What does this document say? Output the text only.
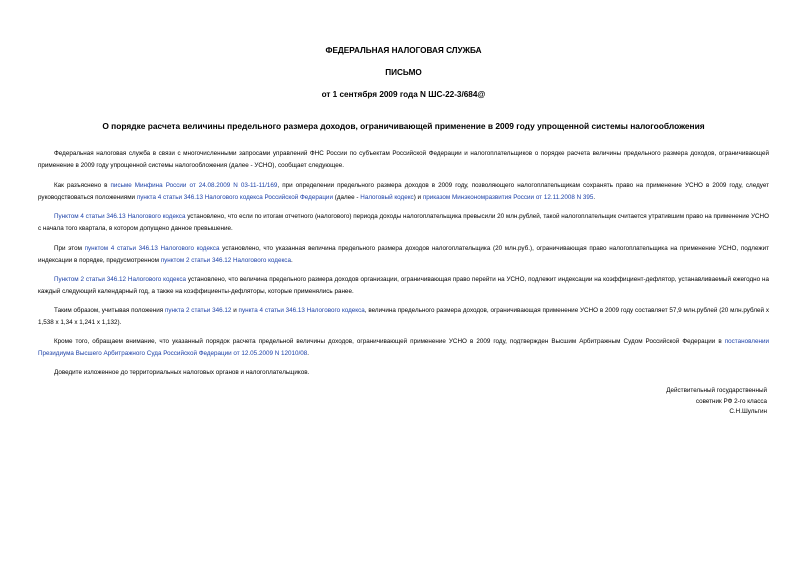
ФЕДЕРАЛЬНАЯ НАЛОГОВАЯ СЛУЖБА
ПИСЬМО
от 1 сентября 2009 года N ШС-22-3/684@
О порядке расчета величины предельного размера доходов, ограничивающей применение в 2009 году упрощенной системы налогообложения
Федеральная налоговая служба в связи с многочисленными запросами управлений ФНС России по субъектам Российской Федерации и налогоплательщиков о порядке расчета величины предельного размера доходов, ограничивающей применение в 2009 году упрощенной системы налогообложения (далее - УСНО), сообщает следующее.
Как разъяснено в письме Минфина России от 24.08.2009 N 03-11-11/169, при определении предельного размера доходов в 2009 году, позволяющего налогоплательщикам сохранять право на применение УСНО в 2009 году, следует руководствоваться положениями пункта 4 статьи 346.13 Налогового кодекса Российской Федерации (далее - Налоговый кодекс) и приказом Минэкономразвития России от 12.11.2008 N 395.
Пунктом 4 статьи 346.13 Налогового кодекса установлено, что если по итогам отчетного (налогового) периода доходы налогоплательщика превысили 20 млн.рублей, такой налогоплательщик считается утратившим право на применение УСНО с начала того квартала, в котором допущено данное превышение.
При этом пунктом 4 статьи 346.13 Налогового кодекса установлено, что указанная величина предельного размера доходов налогоплательщика (20 млн.руб.), ограничивающая право налогоплательщика на применение УСНО, подлежит индексации в порядке, предусмотренном пунктом 2 статьи 346.12 Налогового кодекса.
Пунктом 2 статьи 346.12 Налогового кодекса установлено, что величина предельного размера доходов организации, ограничивающая право перейти на УСНО, подлежит индексации на коэффициент-дефлятор, устанавливаемый ежегодно на каждый следующий календарный год, а также на коэффициенты-дефляторы, которые применялись ранее.
Таким образом, учитывая положения пункта 2 статьи 346.12 и пункта 4 статьи 346.13 Налогового кодекса, величина предельного размера доходов, ограничивающая применение УСНО в 2009 году составляет 57,9 млн.рублей (20 млн.рублей x 1,538 x 1,34 x 1,241 x 1,132).
Кроме того, обращаем внимание, что указанный порядок расчета предельной величины доходов, ограничивающей применение УСНО в 2009 году, подтвержден Высшим Арбитражным Судом Российской Федерации в постановлении Президиума Высшего Арбитражного Суда Российской Федерации от 12.05.2009 N 12010/08.
Доведите изложенное до территориальных налоговых органов и налогоплательщиков.
Действительный государственный
советник РФ 2-го класса
С.Н.Шульгин
